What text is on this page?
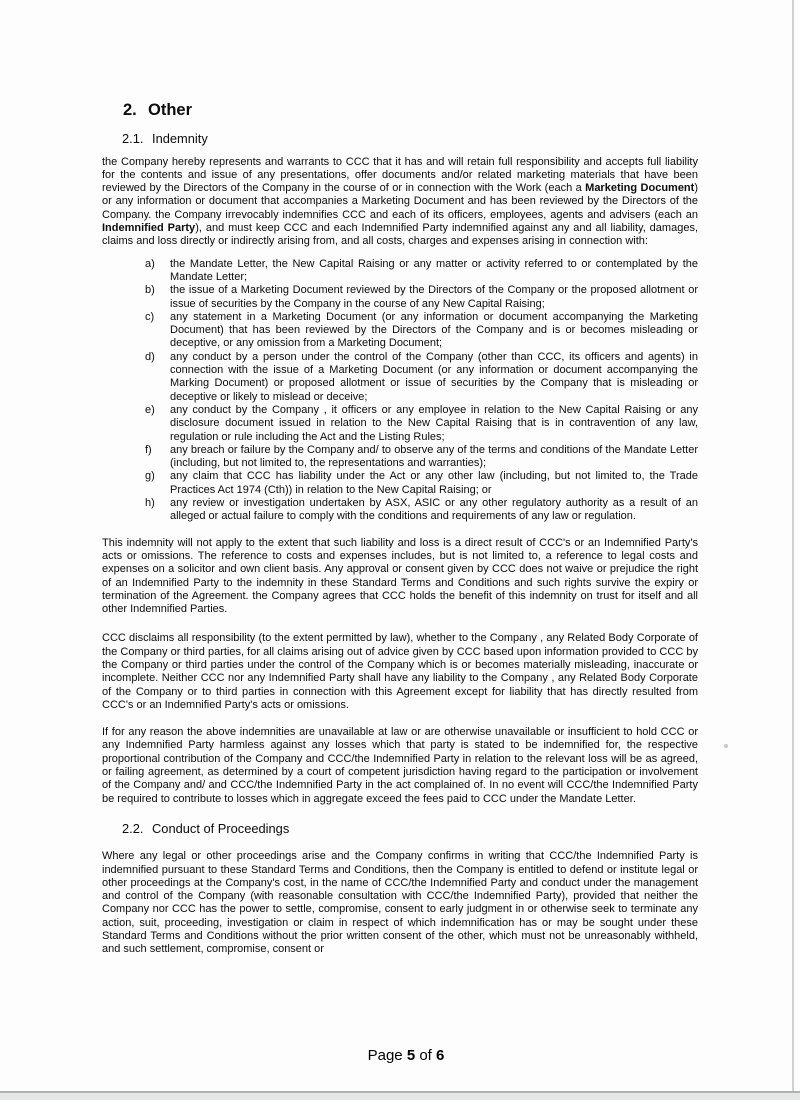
2. Other
2.1. Indemnity

the Company hereby represents and warrants to CCC that it has and will retain full responsibility and accepts full liability for the contents and issue of any presentations, offer documents and/or related marketing materials that have been reviewed by the Directors of the Company in the course of or in connection with the Work (each a Marketing Document) or any information or document that accompanies a Marketing Document and has been reviewed by the Directors of the Company. the Company irrevocably indemnifies CCC and each of its officers, employees, agents and advisers (each an Indemnified Party), and must keep CCC and each Indemnified Party indemnified against any and all liability, damages, claims and loss directly or indirectly arising from, and all costs, charges and expenses arising in connection with:

a) the Mandate Letter, the New Capital Raising or any matter or activity referred to or contemplated by the Mandate Letter;
b) the issue of a Marketing Document reviewed by the Directors of the Company or the proposed allotment or issue of securities by the Company in the course of any New Capital Raising;
c) any statement in a Marketing Document (or any information or document accompanying the Marketing Document) that has been reviewed by the Directors of the Company and is or becomes misleading or deceptive, or any omission from a Marketing Document;
d) any conduct by a person under the control of the Company (other than CCC, its officers and agents) in connection with the issue of a Marketing Document (or any information or document accompanying the Marking Document) or proposed allotment or issue of securities by the Company that is misleading or deceptive or likely to mislead or deceive;
e) any conduct by the Company , it officers or any employee in relation to the New Capital Raising or any disclosure document issued in relation to the New Capital Raising that is in contravention of any law, regulation or rule including the Act and the Listing Rules;
f) any breach or failure by the Company and/ to observe any of the terms and conditions of the Mandate Letter (including, but not limited to, the representations and warranties);
g) any claim that CCC has liability under the Act or any other law (including, but not limited to, the Trade Practices Act 1974 (Cth)) in relation to the New Capital Raising; or
h) any review or investigation undertaken by ASX, ASIC or any other regulatory authority as a result of an alleged or actual failure to comply with the conditions and requirements of any law or regulation.

This indemnity will not apply to the extent that such liability and loss is a direct result of CCC's or an Indemnified Party's acts or omissions. The reference to costs and expenses includes, but is not limited to, a reference to legal costs and expenses on a solicitor and own client basis. Any approval or consent given by CCC does not waive or prejudice the right of an Indemnified Party to the indemnity in these Standard Terms and Conditions and such rights survive the expiry or termination of the Agreement. the Company agrees that CCC holds the benefit of this indemnity on trust for itself and all other Indemnified Parties.

CCC disclaims all responsibility (to the extent permitted by law), whether to the Company , any Related Body Corporate of the Company or third parties, for all claims arising out of advice given by CCC based upon information provided to CCC by the Company or third parties under the control of the Company which is or becomes materially misleading, inaccurate or incomplete. Neither CCC nor any Indemnified Party shall have any liability to the Company , any Related Body Corporate of the Company or to third parties in connection with this Agreement except for liability that has directly resulted from CCC's or an Indemnified Party's acts or omissions.

If for any reason the above indemnities are unavailable at law or are otherwise unavailable or insufficient to hold CCC or any Indemnified Party harmless against any losses which that party is stated to be indemnified for, the respective proportional contribution of the Company and CCC/the Indemnified Party in relation to the relevant loss will be as agreed, or failing agreement, as determined by a court of competent jurisdiction having regard to the participation or involvement of the Company and/ and CCC/the Indemnified Party in the act complained of. In no event will CCC/the Indemnified Party be required to contribute to losses which in aggregate exceed the fees paid to CCC under the Mandate Letter.

2.2. Conduct of Proceedings

Where any legal or other proceedings arise and the Company confirms in writing that CCC/the Indemnified Party is indemnified pursuant to these Standard Terms and Conditions, then the Company is entitled to defend or institute legal or other proceedings at the Company's cost, in the name of CCC/the Indemnified Party and conduct under the management and control of the Company (with reasonable consultation with CCC/the Indemnified Party), provided that neither the Company nor CCC has the power to settle, compromise, consent to early judgment in or otherwise seek to terminate any action, suit, proceeding, investigation or claim in respect of which indemnification has or may be sought under these Standard Terms and Conditions without the prior written consent of the other, which must not be unreasonably withheld, and such settlement, compromise, consent or

Page 5 of 6
